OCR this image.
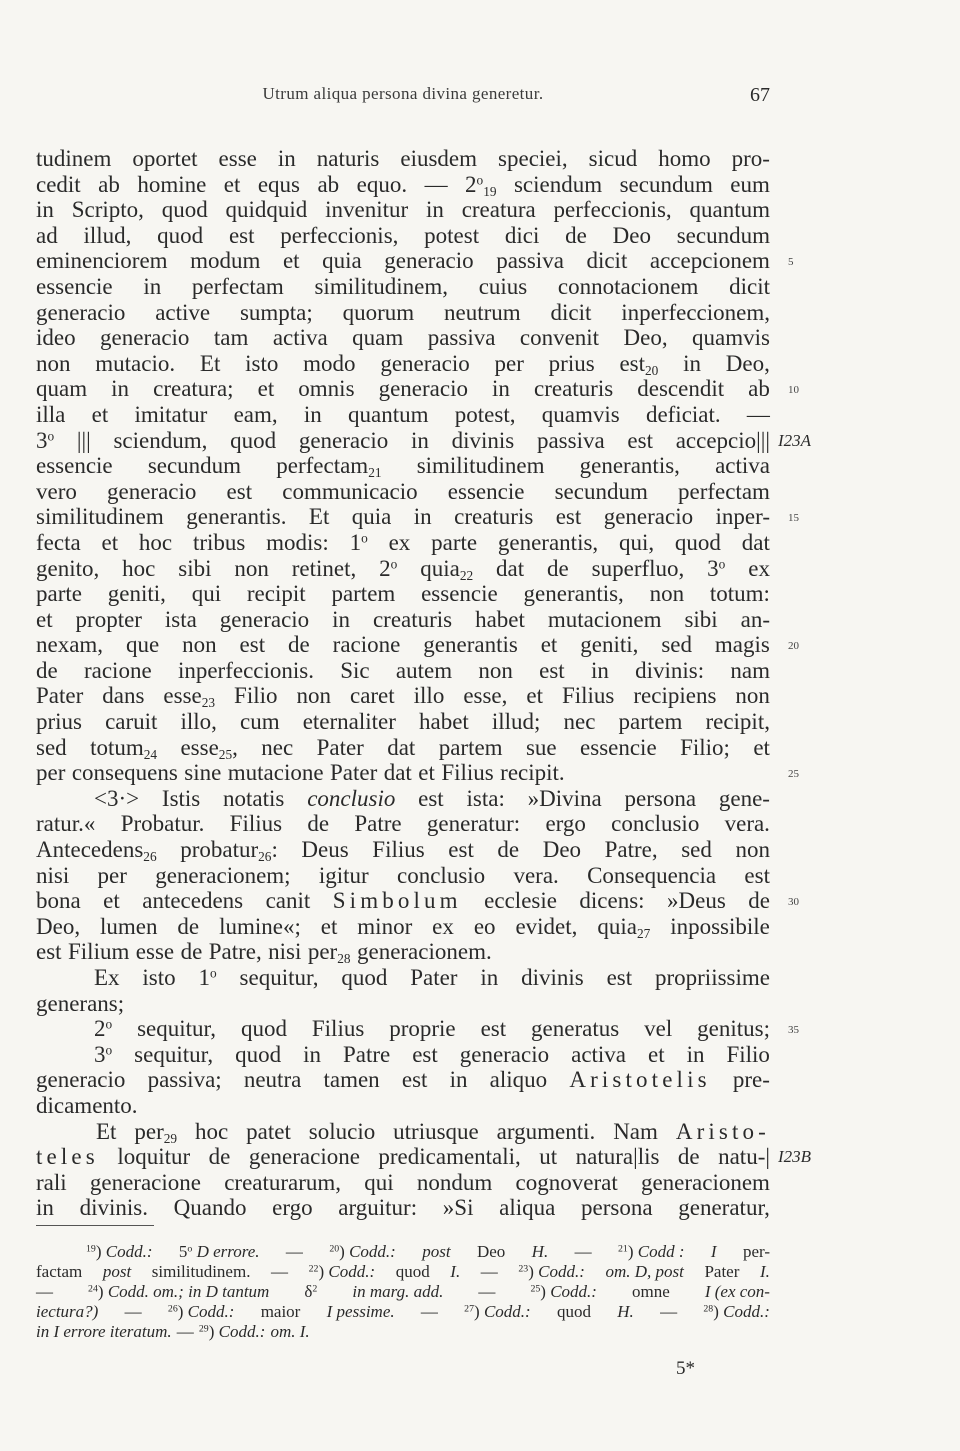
Utrum aliqua persona divina generetur.	67
tudinem oportet esse in naturis eiusdem speciei, sicud homo pro-
cedit ab homine et equs ab equo. — $2^o_{19}$ sciendum secundum eum
in Scripto, quod quidquid invenitur in creatura perfeccionis, quantum
ad illud, quod est perfeccionis, potest dici de Deo secundum
eminenciorem modum et quia generacio passiva dicit accepcionem 5
essencie in perfectam similitudinem, cuius connotacionem dicit
generacio active sumpta; quorum neutrum dicit inperfeccionem,
ideo generacio tam activa quam passiva convenit Deo, quamvis
non mutacio. Et isto modo generacio per prius est$_{20}$ in Deo,
quam in creatura; et omnis generacio in creaturis descendit ab 10
illa et imitatur eam, in quantum potest, quamvis deficiat. —
3$^o$ ||| sciendum, quod generacio in divinis passiva est accepcio||| I23A
essencie secundum perfectam$_{21}$ similitudinem generantis, activa
vero generacio est communicacio essencie secundum perfectam
similitudinem generantis. Et quia in creaturis est generacio inper- 15
fecta et hoc tribus modis: 1$^o$ ex parte generantis, qui, quod dat
genito, hoc sibi non retinet, 2$^o$ quia$_{22}$ dat de superfluo, 3$^o$ ex
parte geniti, qui recipit partem essencie generantis, non totum:
et propter ista generacio in creaturis habet mutacionem sibi an-
nexam, que non est de racione generantis et geniti, sed magis 20
de racione inperfeccionis. Sic autem non est in divinis: nam
Pater dans esse$_{23}$ Filio non caret illo esse, et Filius recipiens non
prius caruit illo, cum eternaliter habet illud; nec partem recipit,
sed totum$_{24}$ esse$_{25}$, nec Pater dat partem sue essencie Filio; et
per consequens sine mutacione Pater dat et Filius recipit.	25
<3·> Istis notatis conclusio est ista: »Divina persona gene-
ratur.« Probatur. Filius de Patre generatur: ergo conclusio vera.
Antecedens$_{26}$ probatur$_{26}$: Deus Filius est de Deo Patre, sed non
nisi per generacionem; igitur conclusio vera. Consequencia est
bona et antecedens canit Simbolum ecclesie dicens: »Deus de 30
Deo, lumen de lumine«; et minor ex eo evidet, quia$_{27}$ inpossibile
est Filium esse de Patre, nisi per$_{28}$ generacionem.
Ex isto 1$^o$ sequitur, quod Pater in divinis est propriissime
generans;
2$^o$ sequitur, quod Filius proprie est generatus vel genitus; 35
3$^o$ sequitur, quod in Patre est generacio activa et in Filio
generacio passiva; neutra tamen est in aliquo Aristotelis pre-
dicamento.
Et per$_{29}$ hoc patet solucio utriusque argumenti. Nam Aristo-
teles loquitur de generacione predicamentali, ut natura|lis de natu-| I23B
rali generacione creaturarum, qui nondum cognoverat generacionem
in divinis. Quando ergo arguitur: »Si aliqua persona generatur,
$^{19}$) Codd.: 5$^o$ D errore. —	$^{20}$) Codd.: post Deo H. —	$^{21}$) Codd : I per-
factam post similitudinem. — $^{22}$) Codd.: quod I. — $^{23}$) Codd.: om. D, post Pater I.
—	$^{24}$) Codd. om.; in D tantum $\delta^2$ in marg. add. —	$^{25}$) Codd.: omne I (ex con-
iectura?) —	$^{26}$) Codd.: maior I pessime. —	$^{27}$) Codd.: quod H. —	$^{28}$) Codd.:
in I errore iteratum. — $^{29}$) Codd.: om. I.
5*
